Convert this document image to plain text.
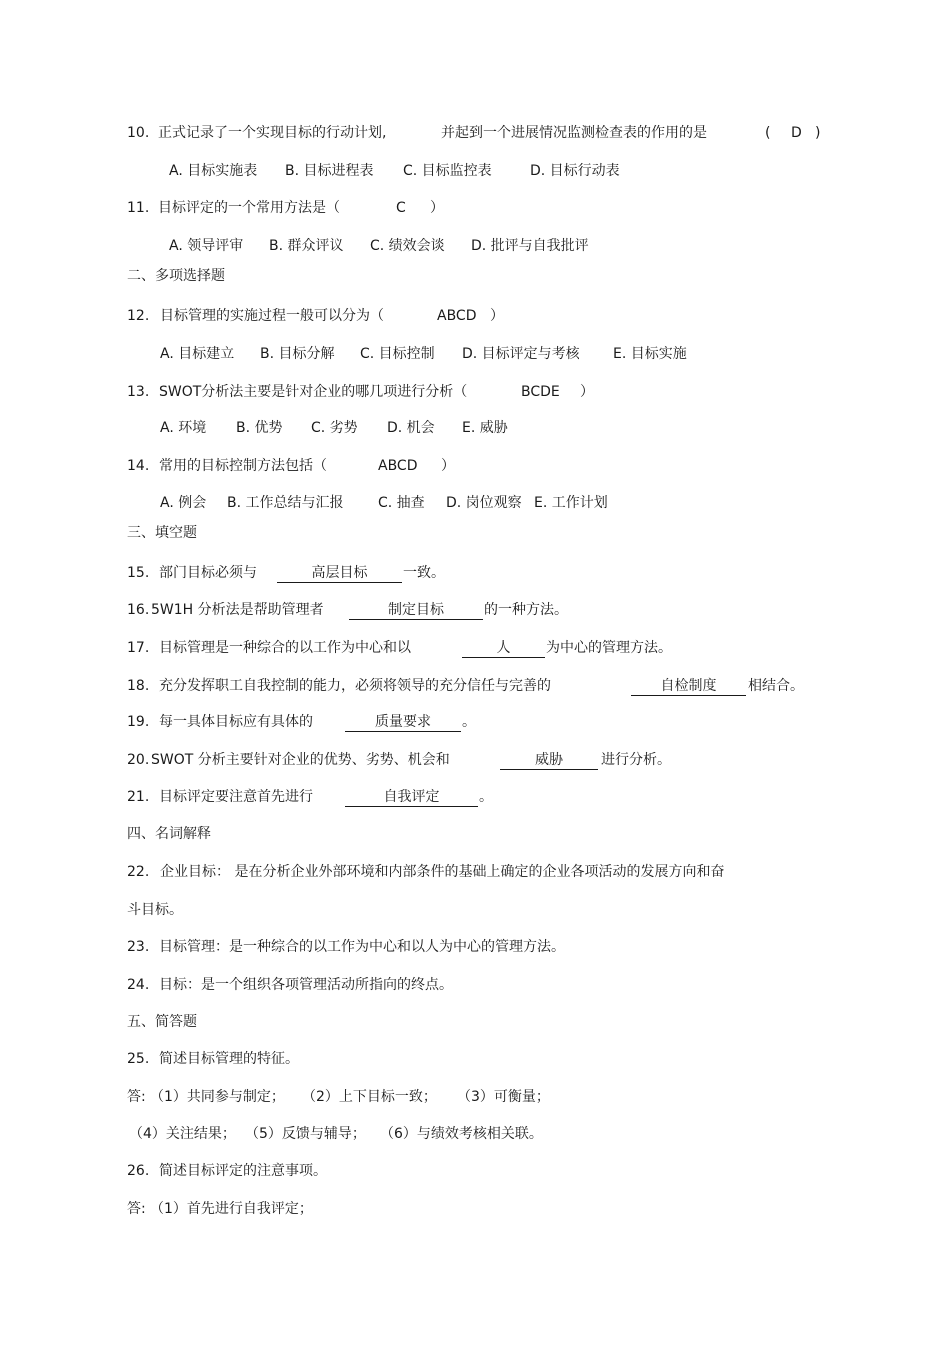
10. 正式记录了一个实现目标的行动计划,	并起到一个进展情况监测检查表的作用的是	( D )
A. 目标实施表 B. 目标进程表 C. 目标监控表	D. 目标行动表
11. 目标评定的一个常用方法是（	C ）
A. 领导评审 B. 群众评议 C. 绩效会谈 D. 批评与自我批评
二、多项选择题
12. 目标管理的实施过程一般可以分为（	ABCD ）
A. 目标建立 B. 目标分解 C. 目标控制 D. 目标评定与考核 E. 目标实施
13. SWOT分析法主要是针对企业的哪几项进行分析（	BCDE ）
A. 环境 B. 优势 C. 劣势 D. 机会 E. 威胁
14. 常用的目标控制方法包括（	ABCD ）
A. 例会 B. 工作总结与汇报 C. 抽查 D. 岗位观察 E. 工作计划
三、填空题
15. 部门目标必须与	高层目标	一致。
16. 5W1H 分析法是帮助管理者	制定目标	的一种方法。
17. 目标管理是一种综合的以工作为中心和以	人	为中心的管理方法。
18. 充分发挥职工自我控制的能力，必须将领导的充分信任与完善的	自检制度	相结合。
19. 每一具体目标应有具体的	质量要求	。
20. SWOT 分析主要针对企业的优势、劣势、机会和	威胁	进行分析。
21. 目标评定要注意首先进行	自我评定	。
四、名词解释
22. 企业目标： 是在分析企业外部环境和内部条件的基础上确定的企业各项活动的发展方向和奋
斗目标。
23. 目标管理：是一种综合的以工作为中心和以人为中心的管理方法。
24. 目标：是一个组织各项管理活动所指向的终点。
五、简答题
25. 简述目标管理的特征。
答: （1）共同参与制定； （2）上下目标一致； （3）可衡量；
（4）关注结果； （5）反馈与辅导； （6）与绩效考核相关联。
26. 简述目标评定的注意事项。
答: （1）首先进行自我评定；
